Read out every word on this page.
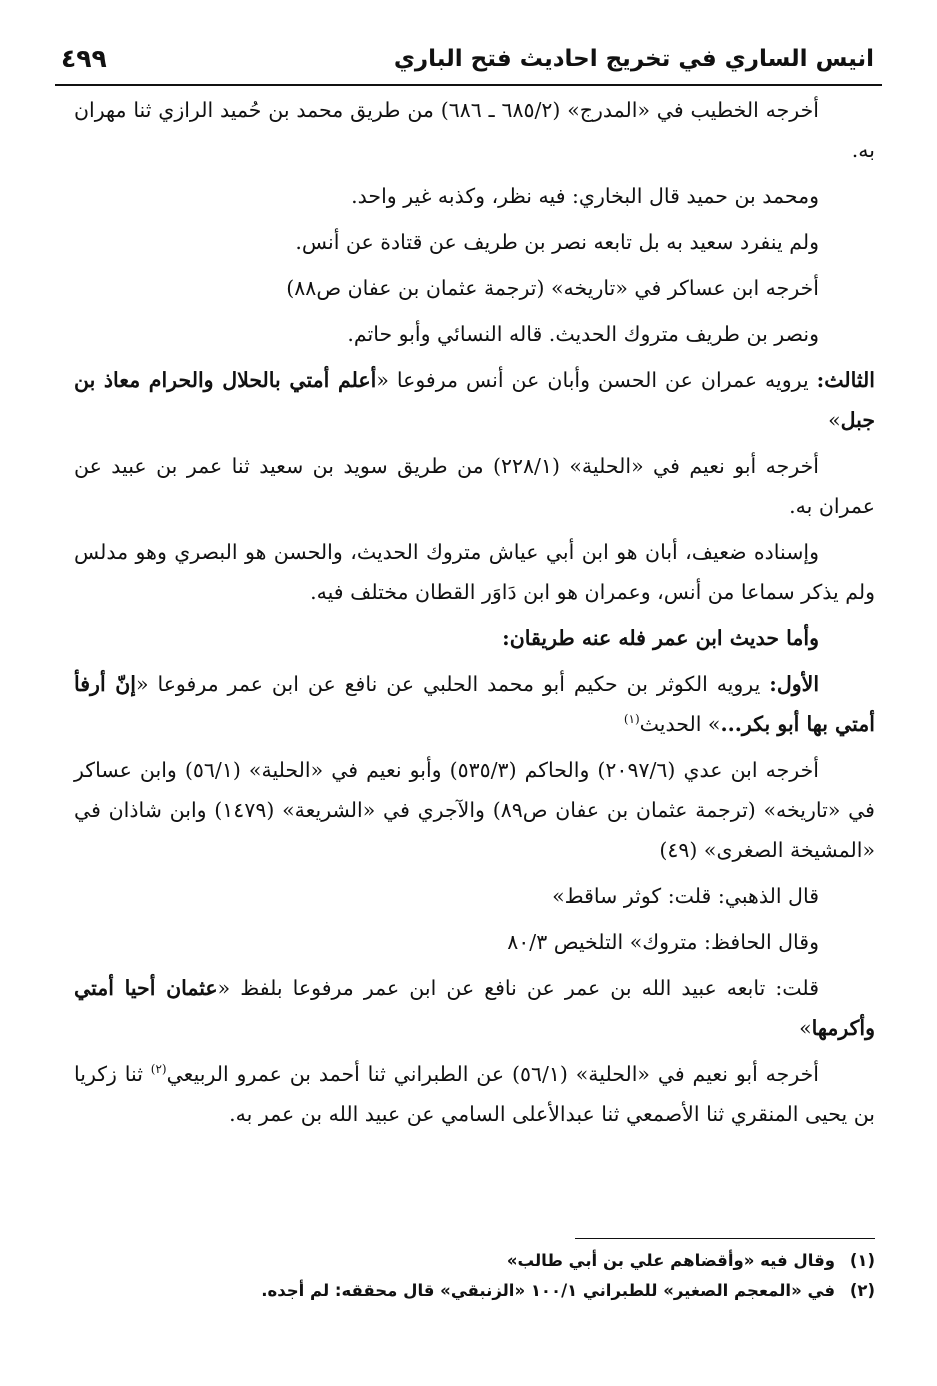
انيس الساري في تخريج احاديث فتح الباري
٤٩٩

أخرجه الخطيب في «المدرج» (٦٨٥/٢ ـ ٦٨٦) من طريق محمد بن حُميد الرازي ثنا مهران به.

ومحمد بن حميد قال البخاري: فيه نظر، وكذبه غير واحد.

ولم ينفرد سعيد به بل تابعه نصر بن طريف عن قتادة عن أنس.

أخرجه ابن عساكر في «تاريخه» (ترجمة عثمان بن عفان ص٨٨)

ونصر بن طريف متروك الحديث. قاله النسائي وأبو حاتم.

الثالث: يرويه عمران عن الحسن وأبان عن أنس مرفوعا «أعلم أمتي بالحلال والحرام معاذ بن جبل»

أخرجه أبو نعيم في «الحلية» (٢٢٨/١) من طريق سويد بن سعيد ثنا عمر بن عبيد عن عمران به.

وإسناده ضعيف، أبان هو ابن أبي عياش متروك الحديث، والحسن هو البصري وهو مدلس ولم يذكر سماعا من أنس، وعمران هو ابن دَاوَر القطان مختلف فيه.

وأما حديث ابن عمر فله عنه طريقان:

الأول: يرويه الكوثر بن حكيم أبو محمد الحلبي عن نافع عن ابن عمر مرفوعا «إنّ أرفأ أمتي بها أبو بكر...» الحديث$^{(١)}$

أخرجه ابن عدي (٢٠٩٧/٦) والحاكم (٥٣٥/٣) وأبو نعيم في «الحلية» (٥٦/١) وابن عساكر في «تاريخه» (ترجمة عثمان بن عفان ص٨٩) والآجري في «الشريعة» (١٤٧٩) وابن شاذان في «المشيخة الصغرى» (٤٩)

قال الذهبي: قلت: كوثر ساقط»

وقال الحافظ: متروك» التلخيص ٨٠/٣

قلت: تابعه عبيد الله بن عمر عن نافع عن ابن عمر مرفوعا بلفظ «عثمان أحيا أمتي وأكرمها»

أخرجه أبو نعيم في «الحلية» (٥٦/١) عن الطبراني ثنا أحمد بن عمرو الربيعي$^{(٢)}$ ثنا زكريا بن يحيى المنقري ثنا الأصمعي ثنا عبدالأعلى السامي عن عبيد الله بن عمر به.

(١)وقال فيه «وأقضاهم علي بن أبي طالب»

(٢)في «المعجم الصغير» للطبراني ١٠٠/١ «الزنبقي» قال محققه: لم أجده.
